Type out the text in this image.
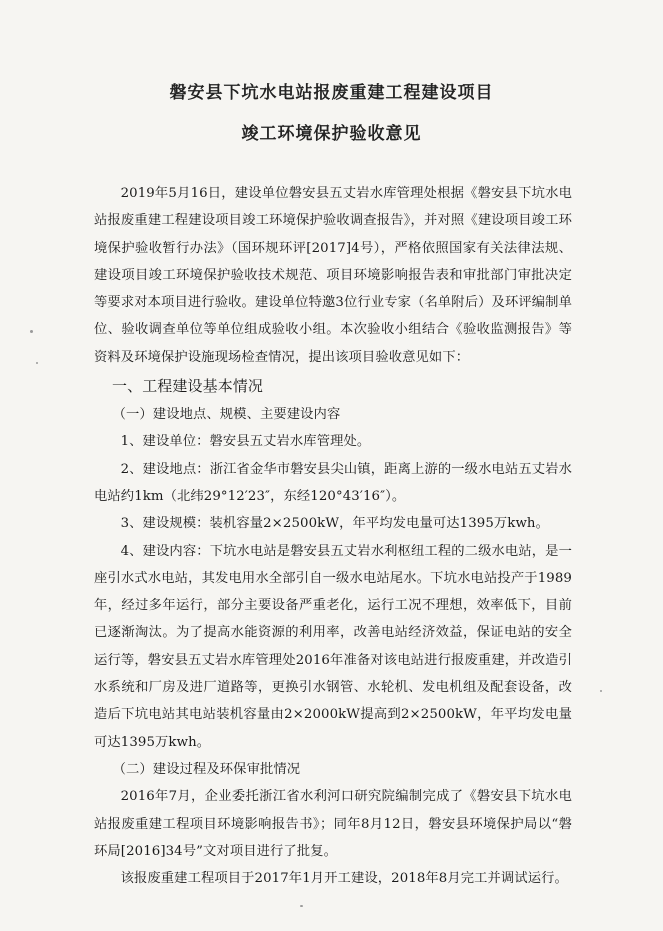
磐安县下坑水电站报废重建工程建设项目
竣工环境保护验收意见

2019年5月16日，建设单位磐安县五丈岩水库管理处根据《磐安县下坑水电站报废重建工程建设项目竣工环境保护验收调查报告》，并对照《建设项目竣工环境保护验收暂行办法》（国环规环评[2017]4号），严格依照国家有关法律法规、建设项目竣工环境保护验收技术规范、项目环境影响报告表和审批部门审批决定等要求对本项目进行验收。建设单位特邀3位行业专家（名单附后）及环评编制单位、验收调查单位等单位组成验收小组。本次验收小组结合《验收监测报告》等资料及环境保护设施现场检查情况，提出该项目验收意见如下：

一、工程建设基本情况

（一）建设地点、规模、主要建设内容

1、建设单位：磐安县五丈岩水库管理处。

2、建设地点：浙江省金华市磐安县尖山镇，距离上游的一级水电站五丈岩水电站约1km（北纬29°12′23″，东经120°43′16″）。

3、建设规模：装机容量2×2500kW，年平均发电量可达1395万kwh。

4、建设内容：下坑水电站是磐安县五丈岩水利枢纽工程的二级水电站，是一座引水式水电站，其发电用水全部引自一级水电站尾水。下坑水电站投产于1989年，经过多年运行，部分主要设备严重老化，运行工况不理想，效率低下，目前已逐渐淘汰。为了提高水能资源的利用率，改善电站经济效益，保证电站的安全运行等，磐安县五丈岩水库管理处2016年准备对该电站进行报废重建，并改造引水系统和厂房及进厂道路等，更换引水钢管、水轮机、发电机组及配套设备，改造后下坑电站其电站装机容量由2×2000kW提高到2×2500kW，年平均发电量可达1395万kwh。

（二）建设过程及环保审批情况

2016年7月，企业委托浙江省水利河口研究院编制完成了《磐安县下坑水电站报废重建工程项目环境影响报告书》；同年8月12日，磐安县环境保护局以“磐环局[2016]34号”文对项目进行了批复。

该报废重建工程项目于2017年1月开工建设，2018年8月完工并调试运行。
